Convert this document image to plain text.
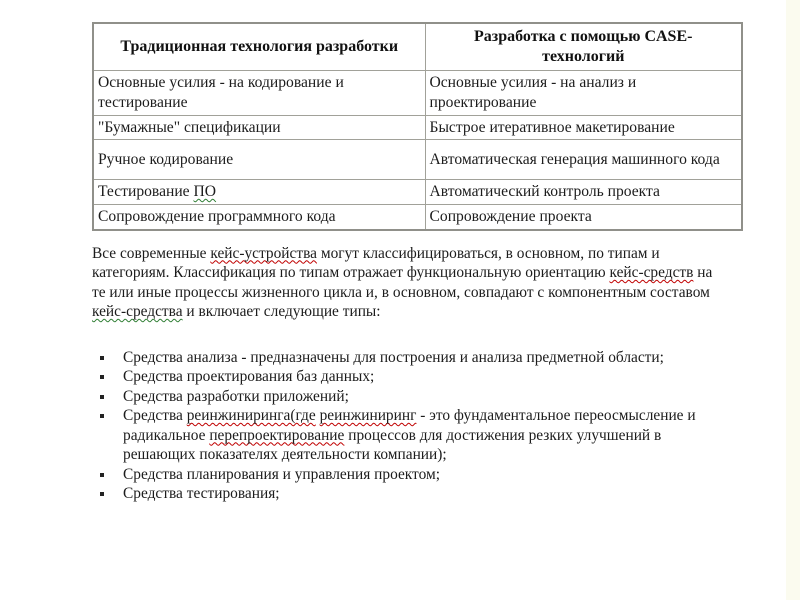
Традиционная технология разработки	Разработка с помощью CASE-технологий
Основные усилия - на кодирование и тестирование	Основные усилия - на анализ и проектирование
"Бумажные" спецификации	Быстрое итеративное макетирование
Ручное кодирование	Автоматическая генерация машинного кода
Тестирование ПО	Автоматический контроль проекта
Сопровождение программного кода	Сопровождение проекта

Все современные кейс-устройства могут классифицироваться, в основном, по типам и категориям. Классификация по типам отражает функциональную ориентацию кейс-средств на те или иные процессы жизненного цикла и, в основном, совпадают с компонентным составом кейс-средства и включает следующие типы:

Средства анализа - предназначены для построения и анализа предметной области;
Средства проектирования баз данных;
Средства разработки приложений;
Средства реинжиниринга(где реинжиниринг - это фундаментальное переосмысление и радикальное перепроектирование процессов для достижения резких улучшений в решающих показателях деятельности компании);
Средства планирования и управления проектом;
Средства тестирования;
